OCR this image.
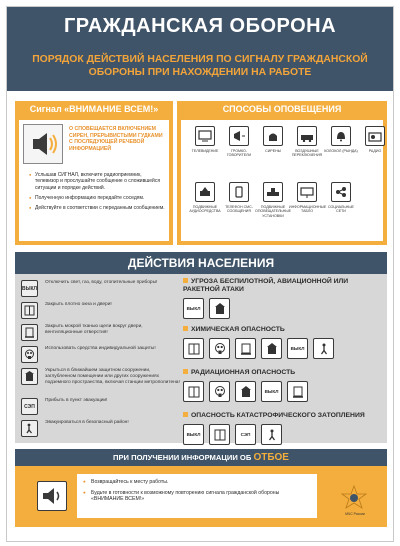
ГРАЖДАНСКАЯ ОБОРОНА
ПОРЯДОК ДЕЙСТВИЙ НАСЕЛЕНИЯ ПО СИГНАЛУ ГРАЖДАНСКОЙ ОБОРОНЫ ПРИ НАХОЖДЕНИИ НА РАБОТЕ
Сигнал «ВНИМАНИЕ ВСЕМ!»
О СПОВЕЩАЕТСЯ ВКЛЮЧЕНИЕМ СИРЕН, ПРЕРЫВИСТЫМИ ГУДКАМИ С ПОСЛЕДУЮЩЕЙ РЕЧЕВОЙ ИНФОРМАЦИЕЙ
● Услышав СИГНАЛ, включите радиоприемник, телевизор и прослушайте сообщение о сложившейся ситуации и порядке действий.
● Полученную информацию передайте соседям.
● Действуйте в соответствии с переданным сообщением.
СПОСОБЫ ОПОВЕЩЕНИЯ
ТЕЛЕВИДЕНИЕ	ГРОМКО- ГОВОРИТЕЛИ
СИРЕНЫ	ВОЗДУШНЫЕ ПЕРЕКЛЮЧЕНИЯ
КОЛОКОЛ (РЫНДА)	РАДИО
ПОДВИЖНЫЕ АУДИОСРЕДСТВА
ТЕЛЕФОН СМС-СООБЩЕНИЯ
ПОДВИЖНЫЕ ОПОВЕЩАТЕЛЬНЫЕ УСТАНОВКИ
ИНФОРМАЦИОННЫЕ ТАБЛО
СОЦИАЛЬНЫЕ СЕТИ
ДЕЙСТВИЯ НАСЕЛЕНИЯ
ВЫКЛ
Отключить свет, газ, воду, отопительные приборы!
Закрыть плотно окна и двери!
Закрыть мокрой тканью щели вокруг двери, вентиляционные отверстия!
Использовать средства индивидуальной защиты!
Укрыться в ближайшем защитном сооружении, заглубленном помещении или других сооружениях подземного пространства, включая станции метрополитена!
СЭП
Прибыть в пункт эвакуации!
Эвакуироваться в безопасный район!
УГРОЗА БЕСПИЛОТНОЙ, АВИАЦИОННОЙ ИЛИ РАКЕТНОЙ АТАКИ
ВЫКЛ
ХИМИЧЕСКАЯ ОПАСНОСТЬ
ВЫКЛ
РАДИАЦИОННАЯ ОПАСНОСТЬ
ВЫКЛ
ОПАСНОСТЬ КАТАСТРОФИЧЕСКОГО ЗАТОПЛЕНИЯ
ВЫКЛ	СЭП
ПРИ ПОЛУЧЕНИИ ИНФОРМАЦИИ ОБ ОТБОЕ
● Возвращайтесь к месту работы.
● Будьте в готовности к возможному повторению сигнала гражданской обороны «ВНИМАНИЕ ВСЕМ!»
МЧС России
